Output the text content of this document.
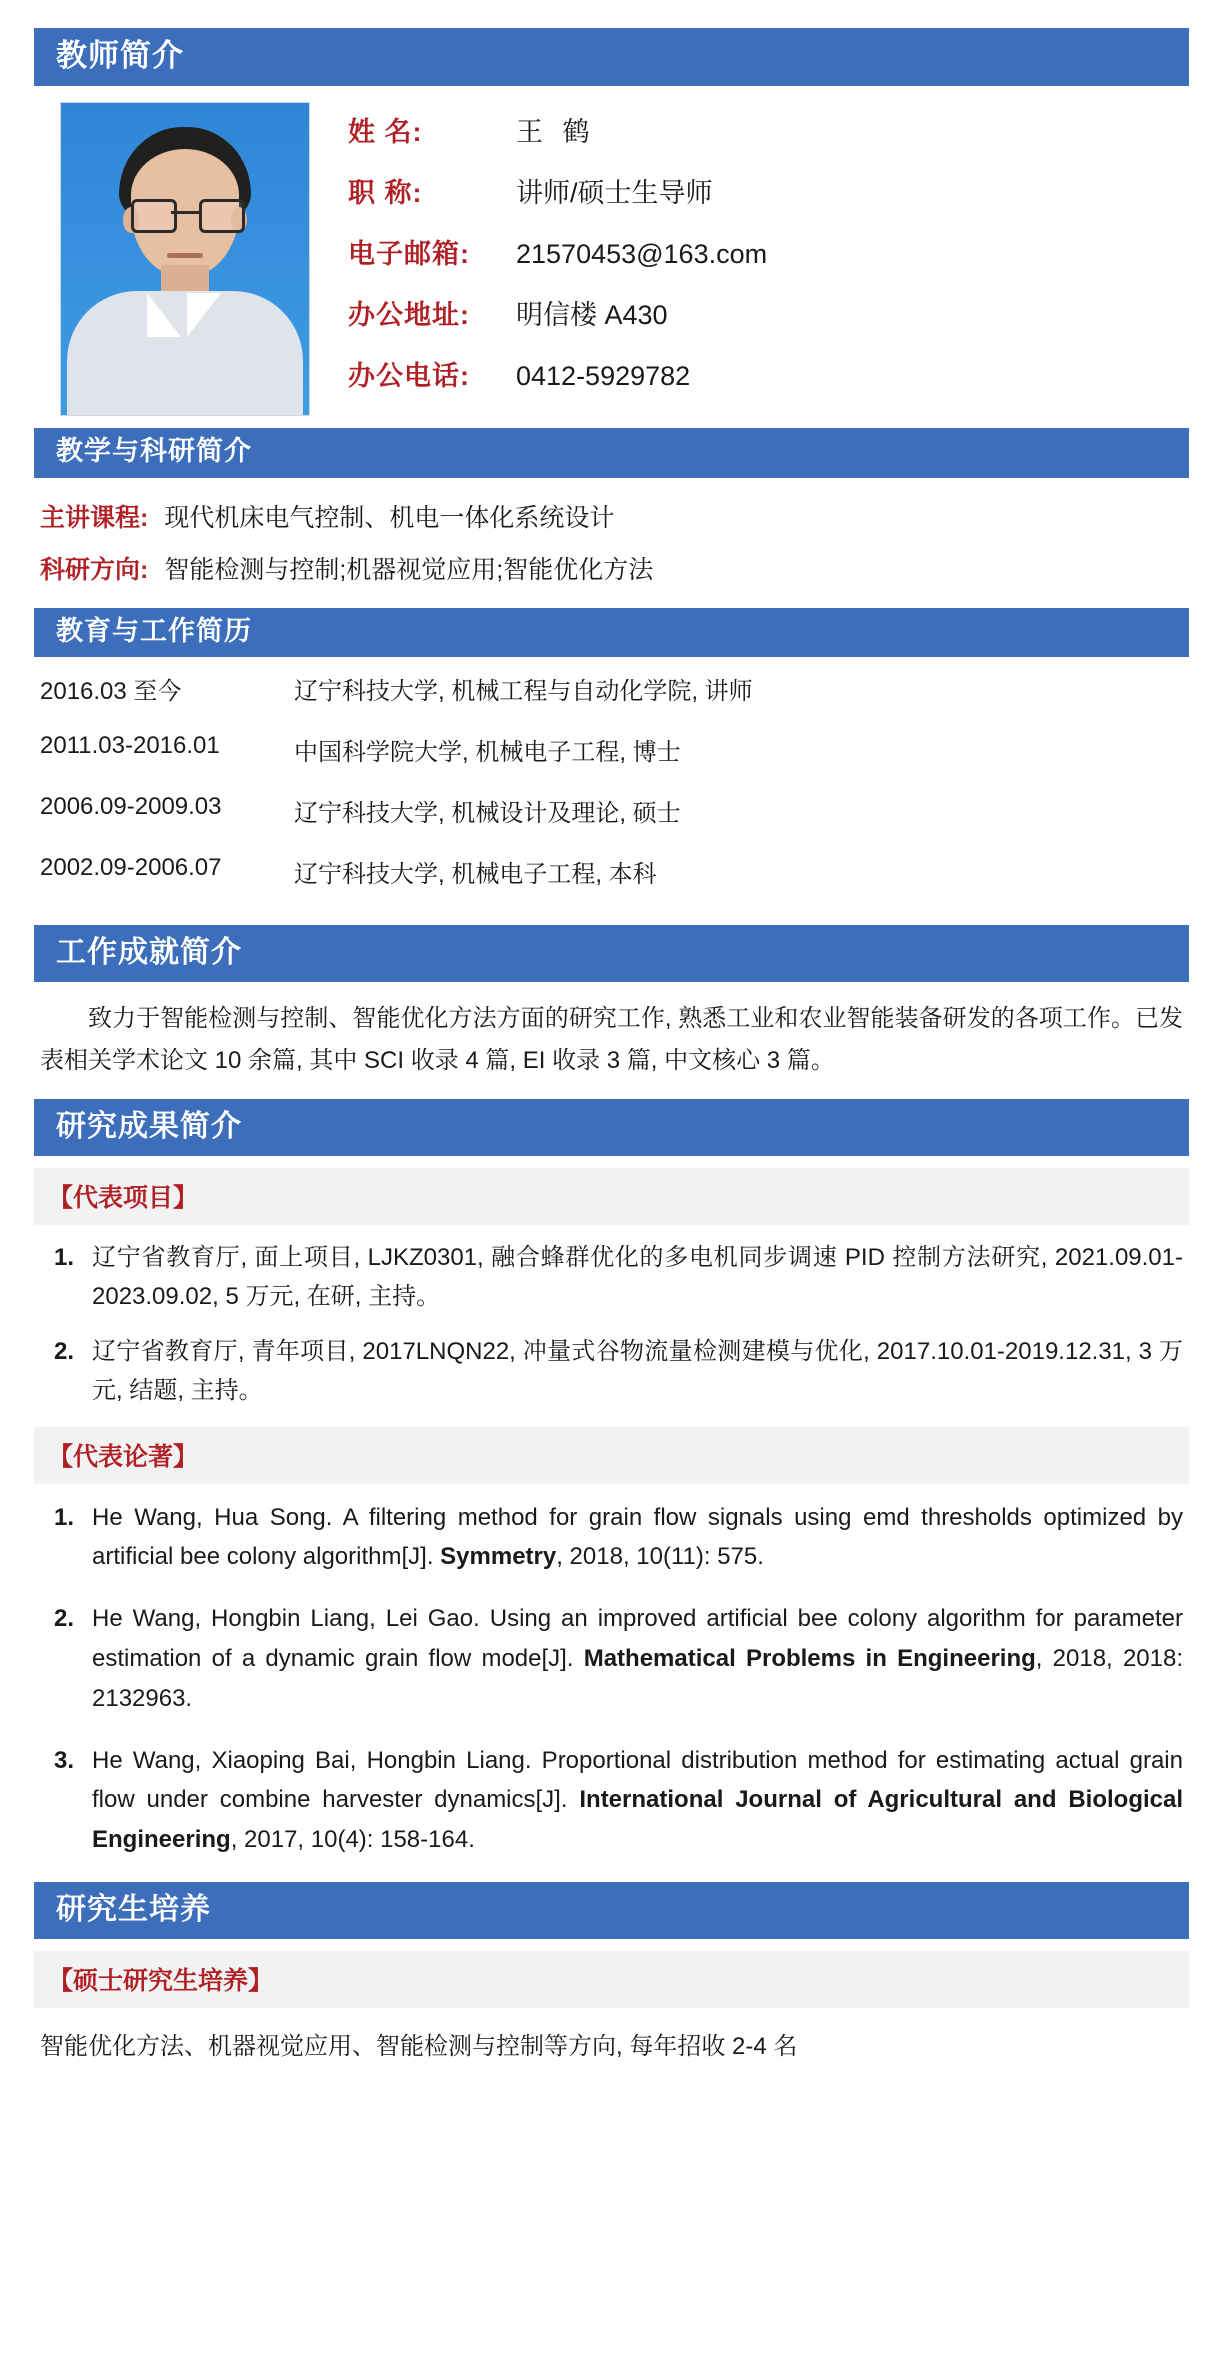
教师简介
姓 名:	王 鹤
职 称:	讲师/硕士生导师
电子邮箱:	21570453@163.com
办公地址:	明信楼 A430
办公电话:	0412-5929782
教学与科研简介
主讲课程: 现代机床电气控制、机电一体化系统设计
科研方向: 智能检测与控制;机器视觉应用;智能优化方法
教育与工作简历
2016.03 至今	辽宁科技大学, 机械工程与自动化学院, 讲师
2011.03-2016.01	中国科学院大学, 机械电子工程, 博士
2006.09-2009.03	辽宁科技大学, 机械设计及理论, 硕士
2002.09-2006.07	辽宁科技大学, 机械电子工程, 本科
工作成就简介
致力于智能检测与控制、智能优化方法方面的研究工作, 熟悉工业和农业智能装备研发的各项工作。已发表相关学术论文 10 余篇, 其中 SCI 收录 4 篇, EI 收录 3 篇, 中文核心 3 篇。
研究成果简介
【代表项目】
辽宁省教育厅, 面上项目, LJKZ0301, 融合蜂群优化的多电机同步调速 PID 控制方法研究, 2021.09.01-2023.09.02, 5 万元, 在研, 主持。
辽宁省教育厅, 青年项目, 2017LNQN22, 冲量式谷物流量检测建模与优化, 2017.10.01-2019.12.31, 3 万元, 结题, 主持。
【代表论著】
He Wang, Hua Song. A filtering method for grain flow signals using emd thresholds optimized by artificial bee colony algorithm[J]. Symmetry, 2018, 10(11): 575.
He Wang, Hongbin Liang, Lei Gao. Using an improved artificial bee colony algorithm for parameter estimation of a dynamic grain flow mode[J]. Mathematical Problems in Engineering, 2018, 2018: 2132963.
He Wang, Xiaoping Bai, Hongbin Liang. Proportional distribution method for estimating actual grain flow under combine harvester dynamics[J]. International Journal of Agricultural and Biological Engineering, 2017, 10(4): 158-164.
研究生培养
【硕士研究生培养】
智能优化方法、机器视觉应用、智能检测与控制等方向, 每年招收 2-4 名
